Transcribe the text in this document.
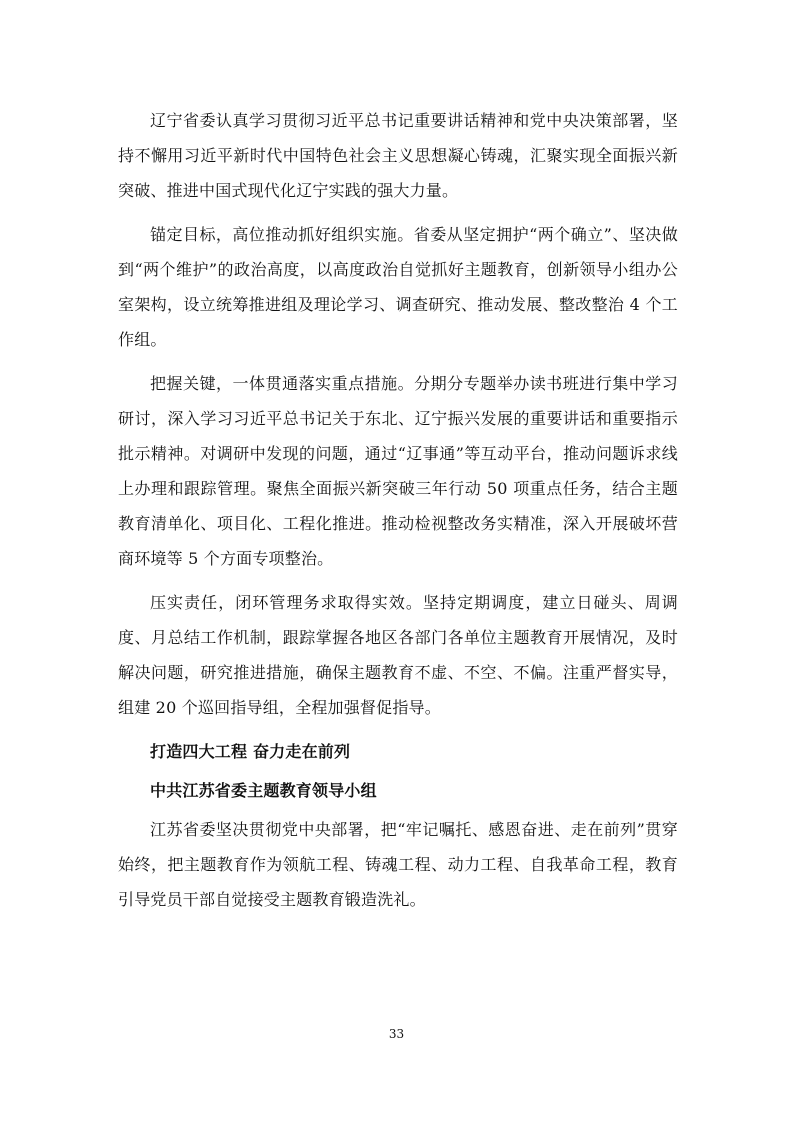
辽宁省委认真学习贯彻习近平总书记重要讲话精神和党中央决策部署，坚持不懈用习近平新时代中国特色社会主义思想凝心铸魂，汇聚实现全面振兴新突破、推进中国式现代化辽宁实践的强大力量。

锚定目标，高位推动抓好组织实施。省委从坚定拥护“两个确立”、坚决做到“两个维护”的政治高度，以高度政治自觉抓好主题教育，创新领导小组办公室架构，设立统筹推进组及理论学习、调查研究、推动发展、整改整治 4 个工作组。

把握关键，一体贯通落实重点措施。分期分专题举办读书班进行集中学习研讨，深入学习习近平总书记关于东北、辽宁振兴发展的重要讲话和重要指示批示精神。对调研中发现的问题，通过“辽事通”等互动平台，推动问题诉求线上办理和跟踪管理。聚焦全面振兴新突破三年行动 50 项重点任务，结合主题教育清单化、项目化、工程化推进。推动检视整改务实精准，深入开展破坏营商环境等 5 个方面专项整治。

压实责任，闭环管理务求取得实效。坚持定期调度，建立日碰头、周调度、月总结工作机制，跟踪掌握各地区各部门各单位主题教育开展情况，及时解决问题，研究推进措施，确保主题教育不虚、不空、不偏。注重严督实导，组建 20 个巡回指导组，全程加强督促指导。

打造四大工程 奋力走在前列

中共江苏省委主题教育领导小组

江苏省委坚决贯彻党中央部署，把“牢记嘱托、感恩奋进、走在前列”贯穿始终，把主题教育作为领航工程、铸魂工程、动力工程、自我革命工程，教育引导党员干部自觉接受主题教育锻造洗礼。

33
